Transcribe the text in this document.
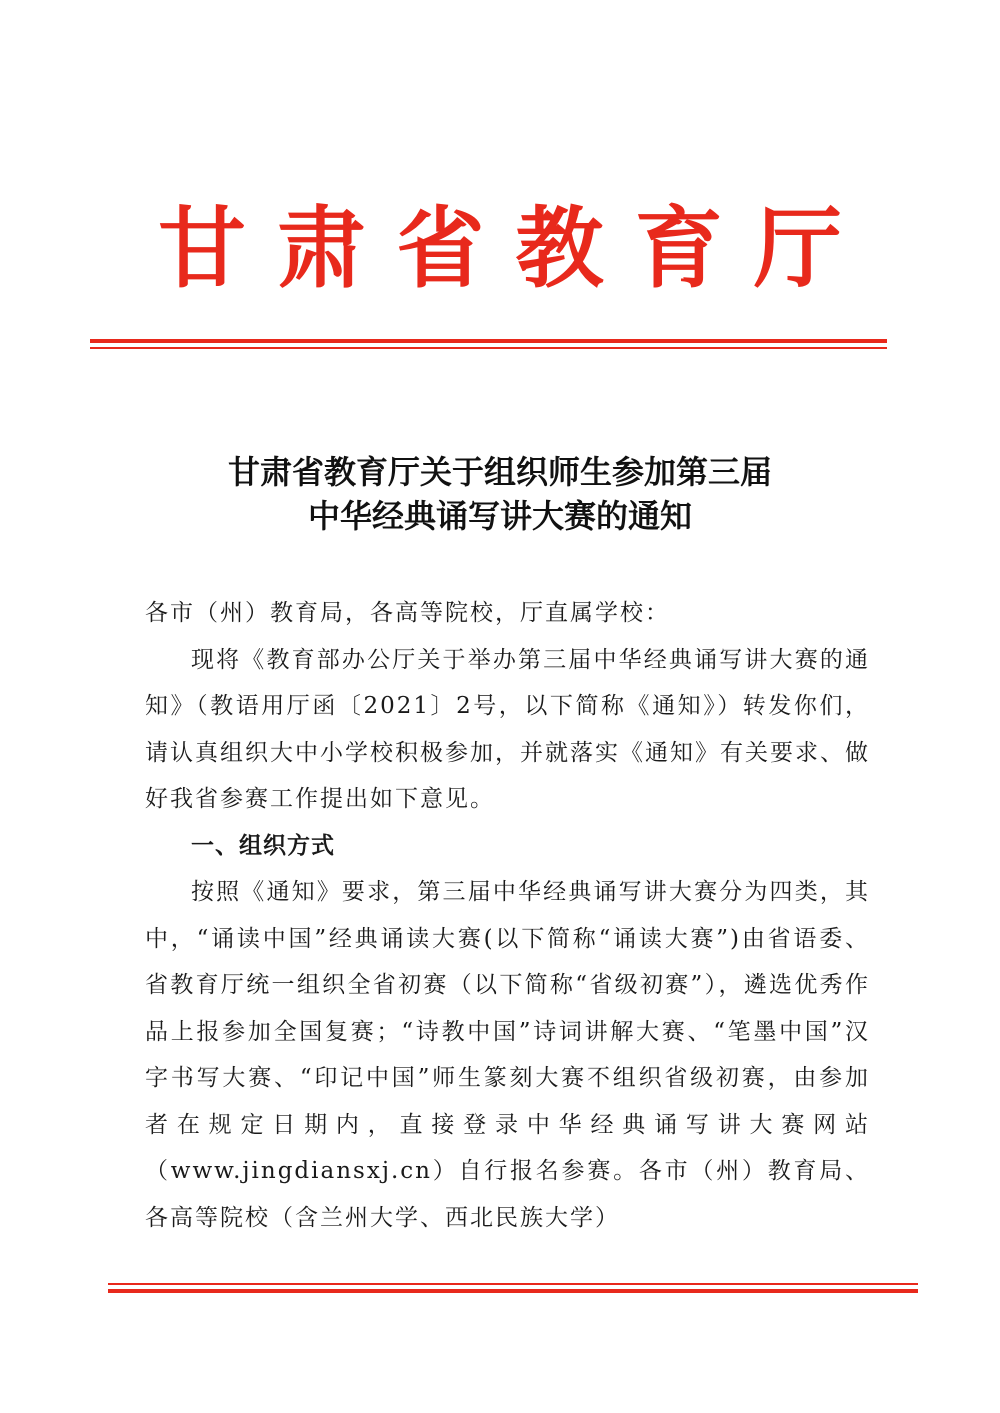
甘 肃 省 教 育 厅
甘肃省教育厅关于组织师生参加第三届
中华经典诵写讲大赛的通知

各市（州）教育局，各高等院校，厅直属学校：

现将《教育部办公厅关于举办第三届中华经典诵写讲大赛的通知》（教语用厅函〔2021〕2号，以下简称《通知》）转发你们，请认真组织大中小学校积极参加，并就落实《通知》有关要求、做好我省参赛工作提出如下意见。

一、组织方式

按照《通知》要求，第三届中华经典诵写讲大赛分为四类，其中，“诵读中国”经典诵读大赛(以下简称“诵读大赛”)由省语委、省教育厅统一组织全省初赛（以下简称“省级初赛”），遴选优秀作品上报参加全国复赛；“诗教中国”诗词讲解大赛、“笔墨中国”汉字书写大赛、“印记中国”师生篆刻大赛不组织省级初赛，由参加者在规定日期内，直接登录中华经典诵写讲大赛网站（www.jingdiansxj.cn）自行报名参赛。各市（州）教育局、各高等院校（含兰州大学、西北民族大学）
